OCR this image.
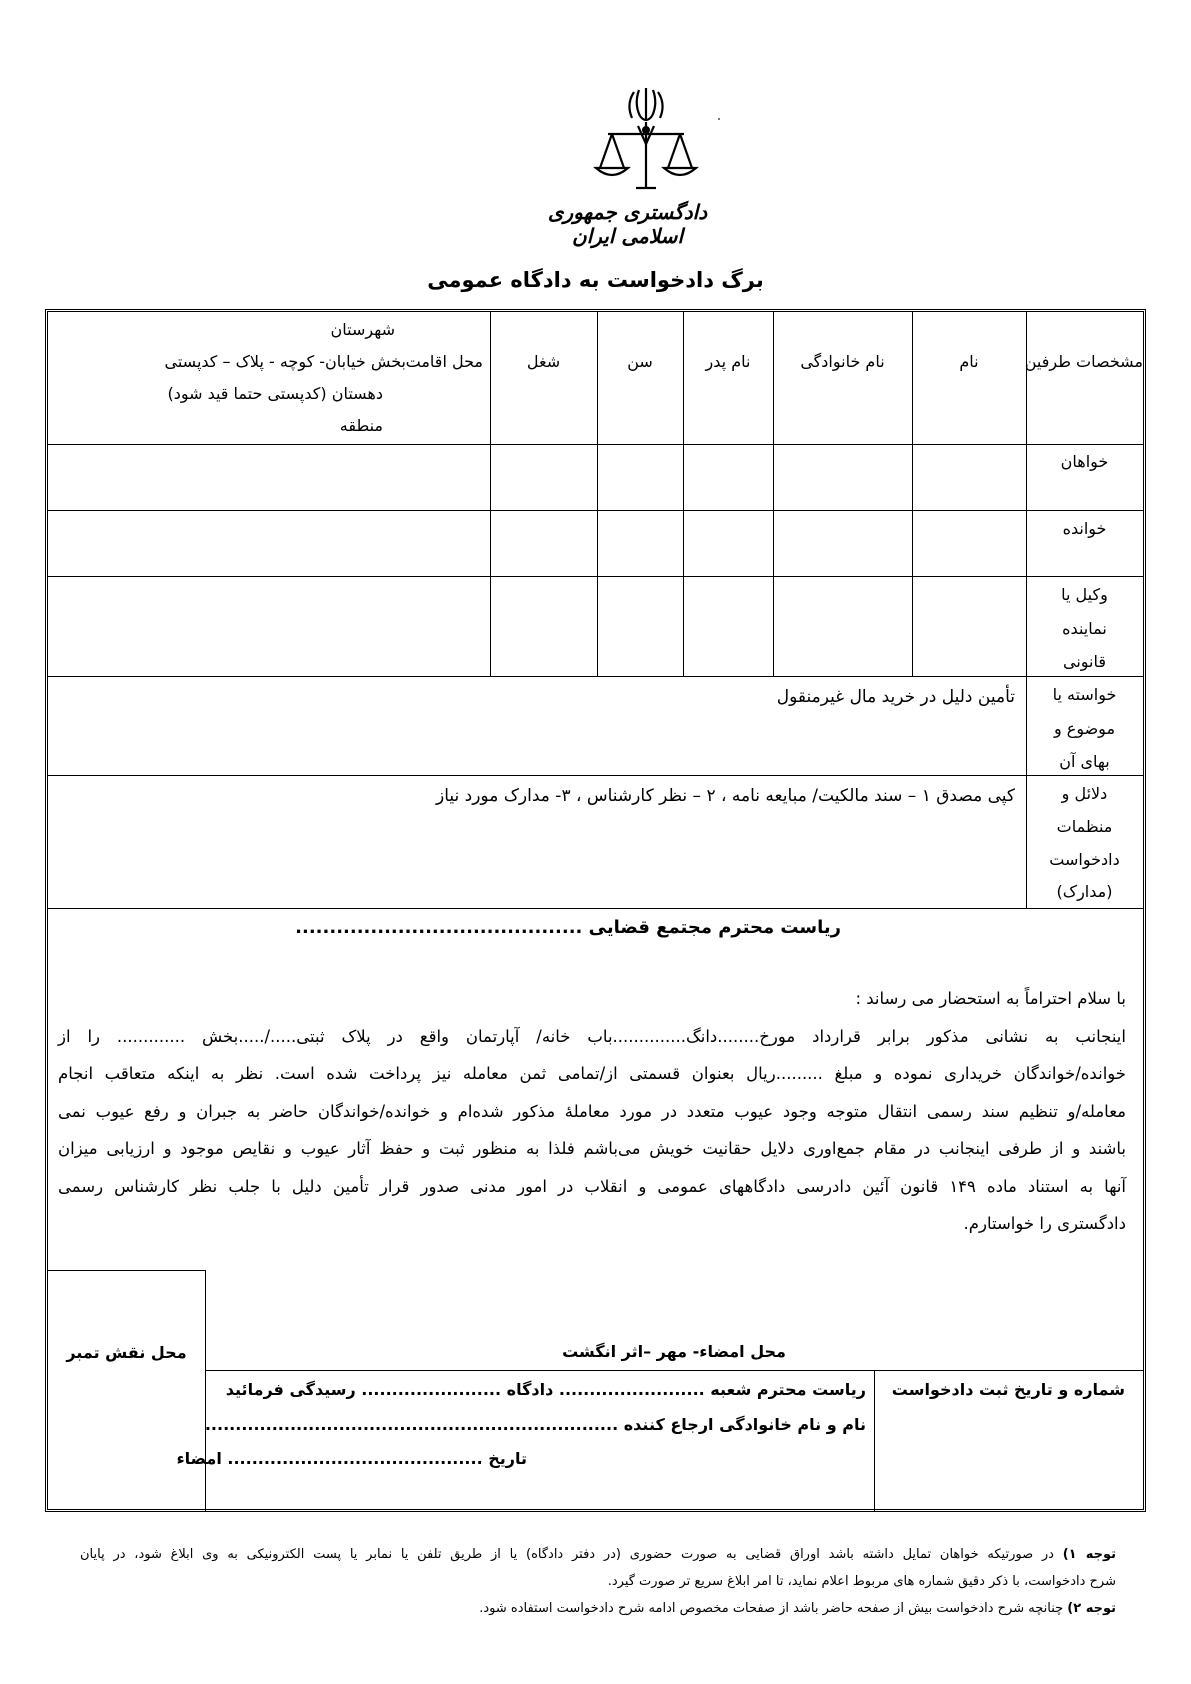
دادگستری جمهوری اسلامی ایران
برگ دادخواست به دادگاه عمومی
مشخصات طرفین
نام
نام خانوادگی
نام پدر
سن
شغل
محل اقامت
شهرستان
بخش خیابان- کوچه - پلاک – کدپستی
دهستان (کدپستی حتما قید شود)
منطقه
خواهان
خوانده
وکیل یا
نماینده
قانونی
خواسته یا
موضوع و
بهای آن
تأمین دلیل در خرید مال غیرمنقول
دلائل و
منظمات
دادخواست
(مدارک)
کپی مصدق ١ – سند مالکیت/ مبایعه نامه ، ٢ – نظر کارشناس ، ٣- مدارک مورد نیاز
ریاست محترم مجتمع قضایی ..........................................

با سلام احتراماً به استحضار می رساند :

اینجانب به نشانی مذکور برابر قرارداد مورخ........دانگ..............باب خانه/ آپارتمان واقع در پلاک ثبتی...../.....بخش ............. را از

خوانده/خواندگان خریداری نموده و مبلغ .........ریال بعنوان قسمتی از/تمامی ثمن معامله نیز پرداخت شده است. نظر به اینکه متعاقب انجام

معامله/و تنظیم سند رسمی انتقال متوجه وجود عیوب متعدد در مورد معاملهٔ مذکور شده‌ام و خوانده/خواندگان حاضر به جبران و رفع عیوب نمی

باشند و از طرفی اینجانب در مقام جمع‌اوری دلایل حقانیت خویش می‌باشم فلذا به منظور ثبت و حفظ آثار عیوب و نقایص موجود و ارزیابی میزان

آنها به استناد ماده ١۴٩ قانون آئین دادرسی دادگاههای عمومی و انقلاب در امور مدنی صدور قرار تأمین دلیل با جلب نظر کارشناس رسمی

دادگستری را خواستارم.

محل نقش تمبر	محل امضاء- مهر –اثر انگشت
شماره و تاریخ ثبت دادخواست
ریاست محترم شعبه ........................ دادگاه ....................... رسیدگی فرمائید
نام و نام خانوادگی ارجاع کننده ....................................................................
تاریخ .......................................... امضاء

توجه ١) در صورتیکه خواهان تمایل داشته باشد اوراق قضایی به صورت حضوری (در دفتر دادگاه) یا از طریق تلفن یا نمابر یا پست الکترونیکی به وی ابلاغ شود، در پایان

شرح دادخواست، با ذکر دقیق شماره های مربوط اعلام نماید، تا امر ابلاغ سریع تر صورت گیرد.

توجه ٢) چنانچه شرح دادخواست بیش از صفحه حاضر باشد از صفحات مخصوص ادامه شرح دادخواست استفاده شود.
